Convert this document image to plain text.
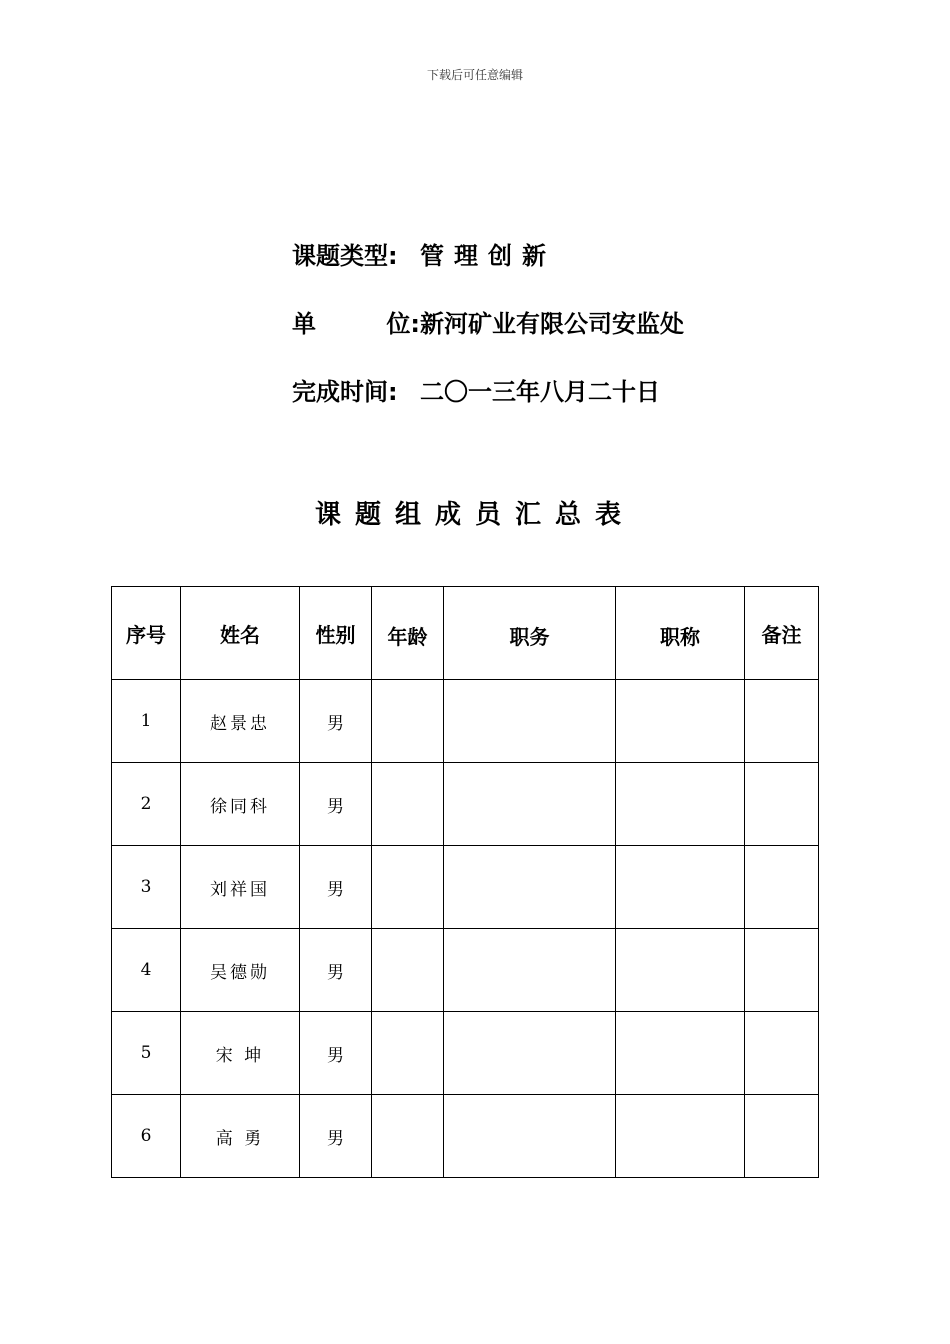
下载后可任意编辑
课题类型: 管理创新
单	位: 新河矿业有限公司安监处
完成时间: 二〇一三年八月二十日
课题组成员汇总表
序号	姓名	性别	年龄	职务	职称	备注
1	赵景忠	男				
2	徐同科	男				
3	刘祥国	男				
4	吴德勋	男				
5	宋 坤	男				
6	高 勇	男				
